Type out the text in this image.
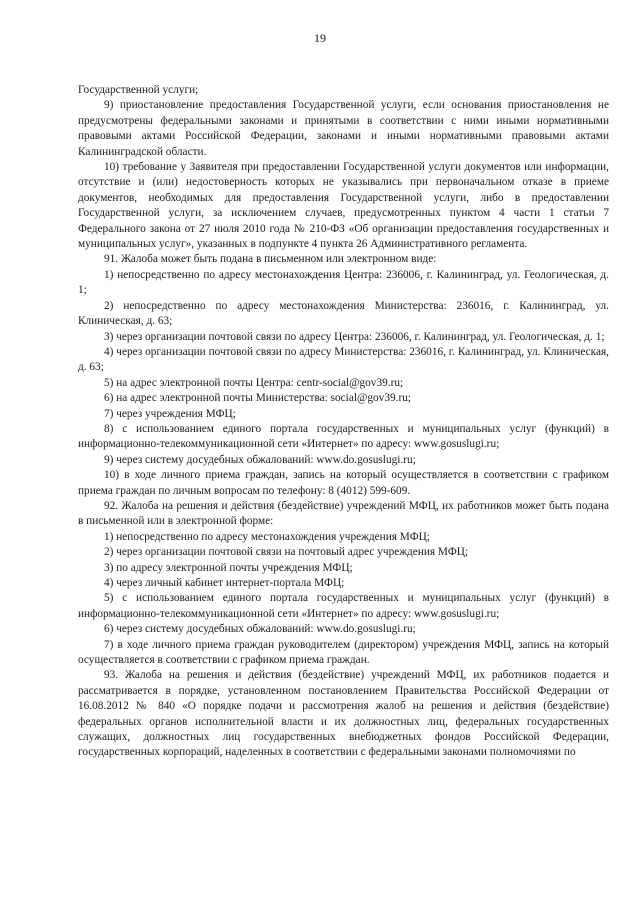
19

Государственной услуги;

9) приостановление предоставления Государственной услуги, если основания приостановления не предусмотрены федеральными законами и принятыми в соответствии с ними иными нормативными правовыми актами Российской Федерации, законами и иными нормативными правовыми актами Калининградской области.

10) требование у Заявителя при предоставлении Государственной услуги документов или информации, отсутствие и (или) недостоверность которых не указывались при первоначальном отказе в приеме документов, необходимых для предоставления Государственной услуги, либо в предоставлении Государственной услуги, за исключением случаев, предусмотренных пунктом 4 части 1 статьи 7 Федерального закона от 27 июля 2010 года № 210-ФЗ «Об организации предоставления государственных и муниципальных услуг», указанных в подпункте 4 пункта 26 Административного регламента.

91. Жалоба может быть подана в письменном или электронном виде:

1) непосредственно по адресу местонахождения Центра: 236006, г. Калининград, ул. Геологическая, д. 1;

2) непосредственно по адресу местонахождения Министерства: 236016, г. Калининград, ул. Клиническая, д. 63;

3) через организации почтовой связи по адресу Центра: 236006, г. Калининград, ул. Геологическая, д. 1;

4) через организации почтовой связи по адресу Министерства: 236016, г. Калининград, ул. Клиническая, д. 63;

5) на адрес электронной почты Центра: centr-social@gov39.ru;

6) на адрес электронной почты Министерства: social@gov39.ru;

7) через учреждения МФЦ;

8) с использованием единого портала государственных и муниципальных услуг (функций) в информационно-телекоммуникационной сети «Интернет» по адресу: www.gosuslugi.ru;

9) через систему досудебных обжалований: www.do.gosuslugi.ru;

10) в ходе личного приема граждан, запись на который осуществляется в соответствии с графиком приема граждан по личным вопросам по телефону: 8 (4012) 599-609.

92. Жалоба на решения и действия (бездействие) учреждений МФЦ, их работников может быть подана в письменной или в электронной форме:

1) непосредственно по адресу местонахождения учреждения МФЦ;

2) через организации почтовой связи на почтовый адрес учреждения МФЦ;

3) по адресу электронной почты учреждения МФЦ;

4) через личный кабинет интернет-портала МФЦ;

5) с использованием единого портала государственных и муниципальных услуг (функций) в информационно-телекоммуникационной сети «Интернет» по адресу: www.gosuslugi.ru;

6) через систему досудебных обжалований: www.do.gosuslugi.ru;

7) в ходе личного приема граждан руководителем (директором) учреждения МФЦ, запись на который осуществляется в соответствии с графиком приема граждан.

93. Жалоба на решения и действия (бездействие) учреждений МФЦ, их работников подается и рассматривается в порядке, установленном постановлением Правительства Российской Федерации от 16.08.2012 № 840 «О порядке подачи и рассмотрения жалоб на решения и действия (бездействие) федеральных органов исполнительной власти и их должностных лиц, федеральных государственных служащих, должностных лиц государственных внебюджетных фондов Российской Федерации, государственных корпораций, наделенных в соответствии с федеральными законами полномочиями по
